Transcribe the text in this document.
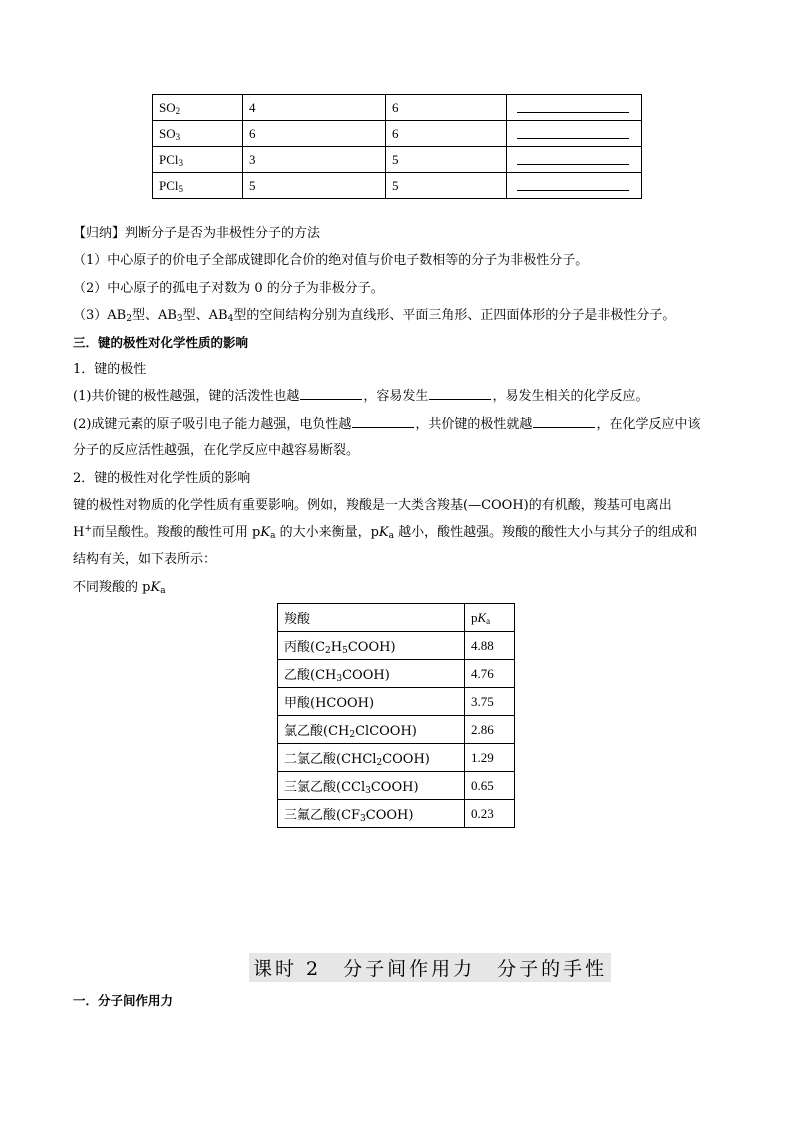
$SO_2$	4	6	
$SO_3$	6	6	
PCl$_3$	3	5	
PCl$_5$	5	5	
【归纳】判断分子是否为非极性分子的方法
（1）中心原子的价电子全部成键即化合价的绝对值与价电子数相等的分子为非极性分子。
（2）中心原子的孤电子对数为 0 的分子为非极分子。
$(3)AB_2$型、$AB_3$型、$AB_4$型的空间结构分别为直线形、平面三角形、正四面体形的分子是非极性分子。
三．键的极性对化学性质的影响
1．键的极性
(1)共价键的极性越强，键的活泼性也越	，容易发生	，易发生相关的化学反应。
(2)成键元素的原子吸引电子能力越强，电负性越	，共价键的极性就越	，在化学反应中该
分子的反应活性越强，在化学反应中越容易断裂。
2．键的极性对化学性质的影响
键的极性对物质的化学性质有重要影响。例如，羧酸是一大类含羧基(—COOH)的有机酸，羧基可电离出
H+而呈酸性。羧酸的酸性可用 $pK_a$ 的大小来衡量，$pK_a$ 越小，酸性越强。羧酸的酸性大小与其分子的组成和
结构有关，如下表所示：
不同羧酸的 $pK_a$
羧酸	$pK_a$
丙酸$(C_2H_5COOH)$	4.88
乙酸$(CH_3COOH)$	4.76
甲酸(HCOOH)	3.75
氯乙酸$(CH_2ClCOOH)$	2.86
二氯乙酸(CHCl$_2$COOH)	1.29
三氯乙酸(CCl$_3$COOH)	0.65
三氟乙酸$(CF_3COOH)$	0.23
课时 2　分子间作用力　分子的手性
一．分子间作用力
